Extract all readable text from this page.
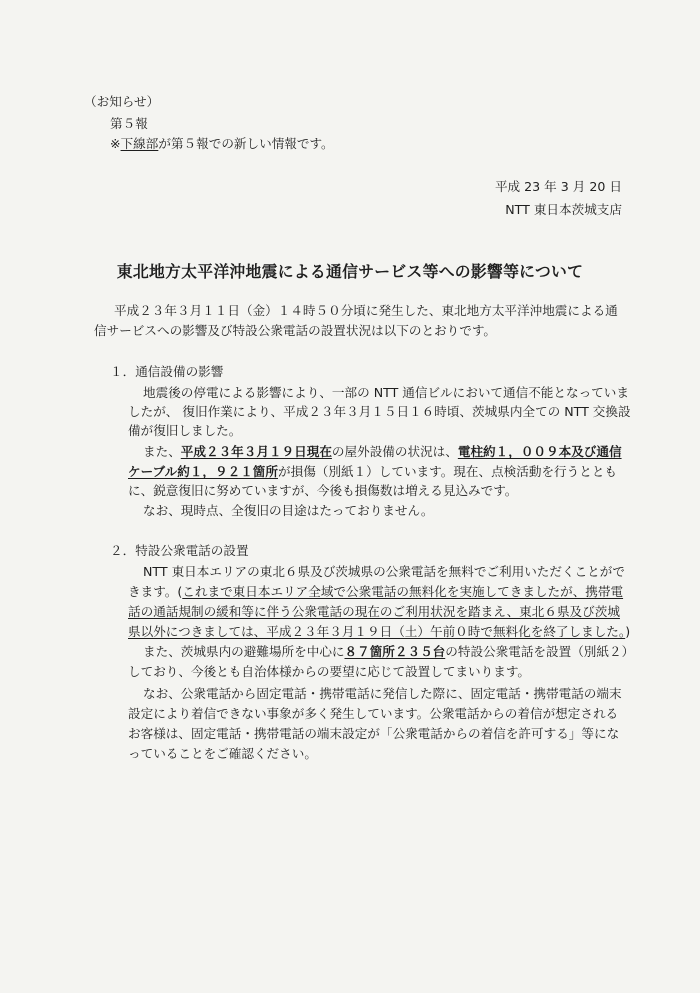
（お知らせ）
第５報
※下線部が第５報での新しい情報です。
平成 23 年 3 月 20 日
NTT 東日本茨城支店
東北地方太平洋沖地震による通信サービス等への影響等について
平成２３年３月１１日（金）１４時５０分頃に発生した、東北地方太平洋沖地震による通
信サービスへの影響及び特設公衆電話の設置状況は以下のとおりです。
１．通信設備の影響
地震後の停電による影響により、一部の NTT 通信ビルにおいて通信不能となっていま
したが、 復旧作業により、平成２３年３月１５日１６時頃、茨城県内全ての NTT 交換設
備が復旧しました。
また、平成２３年３月１９日現在の屋外設備の状況は、電柱約１，００９本及び通信
ケーブル約１，９２１箇所が損傷（別紙１）しています。現在、点検活動を行うととも
に、鋭意復旧に努めていますが、今後も損傷数は増える見込みです。
なお、現時点、全復旧の目途はたっておりません。
２．特設公衆電話の設置
NTT 東日本エリアの東北６県及び茨城県の公衆電話を無料でご利用いただくことがで
きます。(これまで東日本エリア全域で公衆電話の無料化を実施してきましたが、携帯電
話の通話規制の緩和等に伴う公衆電話の現在のご利用状況を踏まえ、東北６県及び茨城
県以外につきましては、平成２３年３月１９日（土）午前０時で無料化を終了しました。)
また、茨城県内の避難場所を中心に８７箇所２３５台の特設公衆電話を設置（別紙２）
しており、今後とも自治体様からの要望に応じて設置してまいります。
なお、公衆電話から固定電話・携帯電話に発信した際に、固定電話・携帯電話の端末
設定により着信できない事象が多く発生しています。公衆電話からの着信が想定される
お客様は、固定電話・携帯電話の端末設定が「公衆電話からの着信を許可する」等にな
っていることをご確認ください。
